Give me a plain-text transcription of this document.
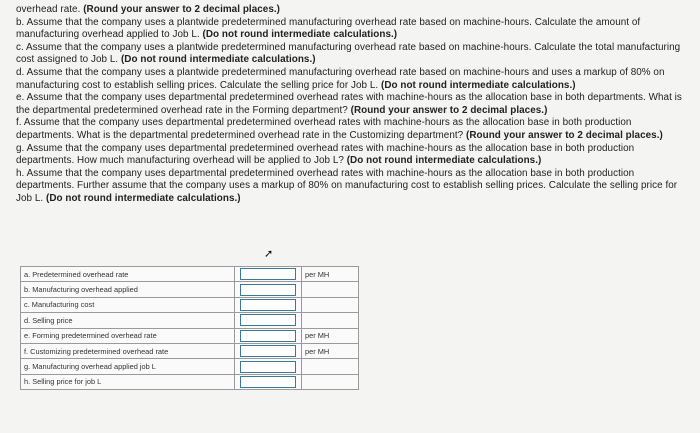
overhead rate. (Round your answer to 2 decimal places.)

b. Assume that the company uses a plantwide predetermined manufacturing overhead rate based on machine-hours. Calculate the amount of manufacturing overhead applied to Job L. (Do not round intermediate calculations.)

c. Assume that the company uses a plantwide predetermined manufacturing overhead rate based on machine-hours. Calculate the total manufacturing cost assigned to Job L. (Do not round intermediate calculations.)

d. Assume that the company uses a plantwide predetermined manufacturing overhead rate based on machine-hours and uses a markup of 80% on manufacturing cost to establish selling prices. Calculate the selling price for Job L. (Do not round intermediate calculations.)

e. Assume that the company uses departmental predetermined overhead rates with machine-hours as the allocation base in both departments. What is the departmental predetermined overhead rate in the Forming department? (Round your answer to 2 decimal places.)

f. Assume that the company uses departmental predetermined overhead rates with machine-hours as the allocation base in both production departments. What is the departmental predetermined overhead rate in the Customizing department? (Round your answer to 2 decimal places.)

g. Assume that the company uses departmental predetermined overhead rates with machine-hours as the allocation base in both production departments. How much manufacturing overhead will be applied to Job L? (Do not round intermediate calculations.)

h. Assume that the company uses departmental predetermined overhead rates with machine-hours as the allocation base in both production departments. Further assume that the company uses a markup of 80% on manufacturing cost to establish selling prices. Calculate the selling price for Job L. (Do not round intermediate calculations.)

➚
a. Predetermined overhead rate		per MH
b. Manufacturing overhead applied	

c. Manufacturing cost	

d. Selling price	

e. Forming predetermined overhead rate		per MH
f. Customizing predetermined overhead rate		per MH
g. Manufacturing overhead applied job L	

h. Selling price for job L	
